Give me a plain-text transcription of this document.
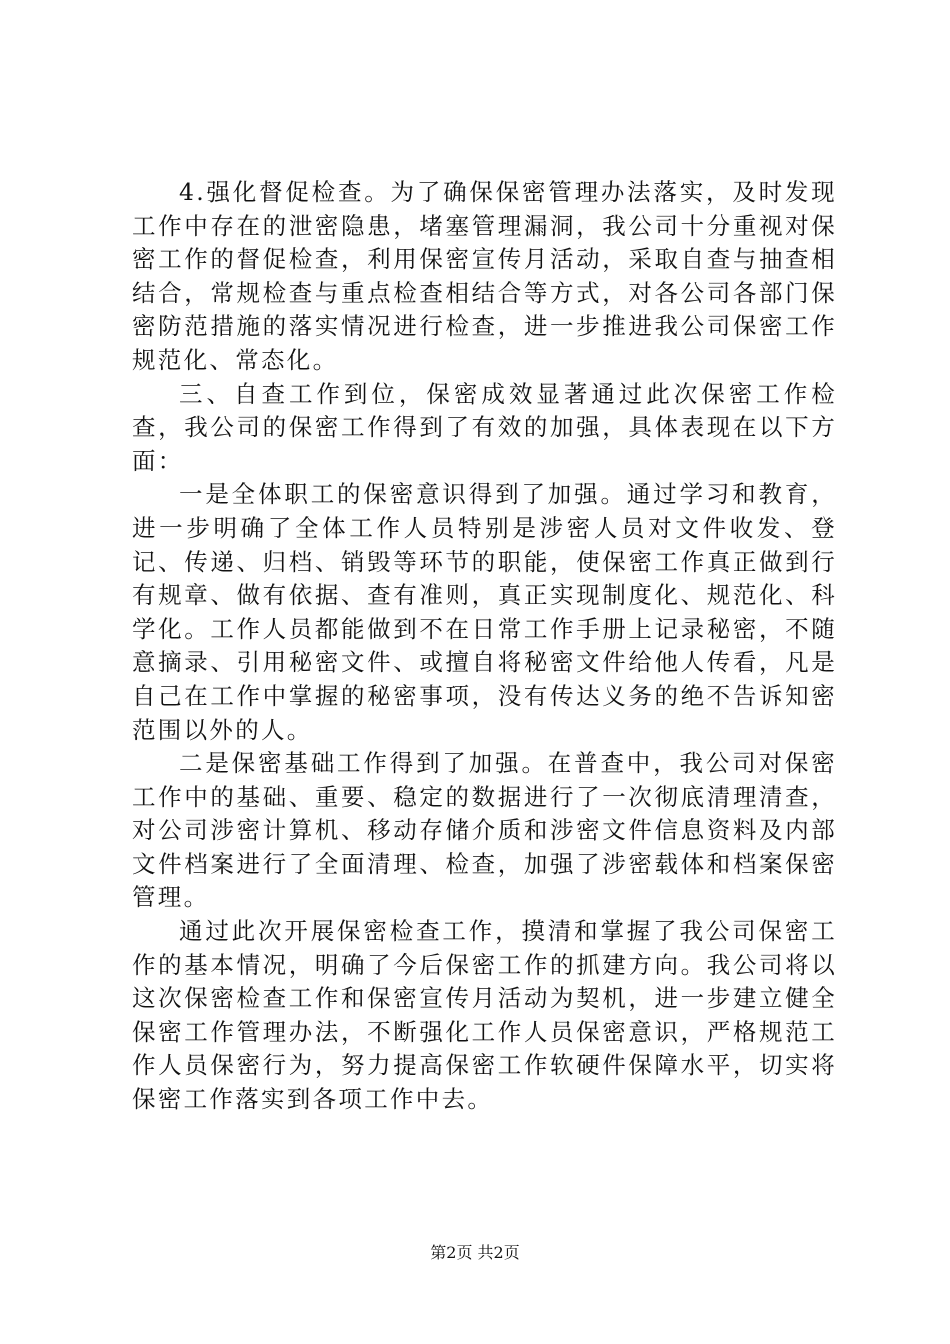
4.强化督促检查。为了确保保密管理办法落实，及时发现工作中存在的泄密隐患，堵塞管理漏洞，我公司十分重视对保密工作的督促检查，利用保密宣传月活动，采取自查与抽查相结合，常规检查与重点检查相结合等方式，对各公司各部门保密防范措施的落实情况进行检查，进一步推进我公司保密工作规范化、常态化。

三、自查工作到位，保密成效显著通过此次保密工作检查，我公司的保密工作得到了有效的加强，具体表现在以下方面：

一是全体职工的保密意识得到了加强。通过学习和教育，进一步明确了全体工作人员特别是涉密人员对文件收发、登记、传递、归档、销毁等环节的职能，使保密工作真正做到行有规章、做有依据、查有准则，真正实现制度化、规范化、科学化。工作人员都能做到不在日常工作手册上记录秘密，不随意摘录、引用秘密文件、或擅自将秘密文件给他人传看，凡是自己在工作中掌握的秘密事项，没有传达义务的绝不告诉知密范围以外的人。

二是保密基础工作得到了加强。在普查中，我公司对保密工作中的基础、重要、稳定的数据进行了一次彻底清理清查，对公司涉密计算机、移动存储介质和涉密文件信息资料及内部文件档案进行了全面清理、检查，加强了涉密载体和档案保密管理。

通过此次开展保密检查工作，摸清和掌握了我公司保密工作的基本情况，明确了今后保密工作的抓建方向。我公司将以这次保密检查工作和保密宣传月活动为契机，进一步建立健全保密工作管理办法，不断强化工作人员保密意识，严格规范工作人员保密行为，努力提高保密工作软硬件保障水平，切实将保密工作落实到各项工作中去。

第2页 共2页
